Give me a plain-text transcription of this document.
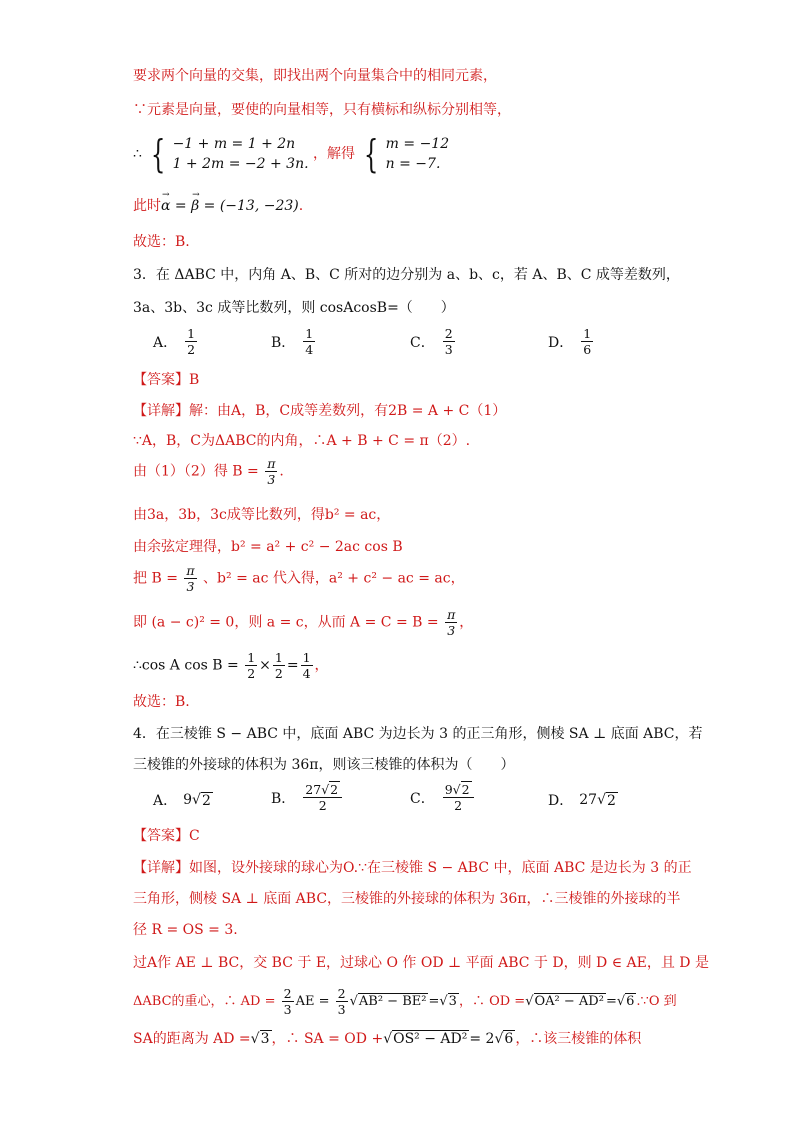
要求两个向量的交集，即找出两个向量集合中的相同元素，
∵元素是向量，要使的向量相等，只有横标和纵标分别相等，
∴ { −1 + m = 1 + 2n
1 + 2m = −2 + 3n.
，解得 { m = −12
n = −7.
此时→ α = → β = (−13, −23).
故选：B.
3．在 ΔABC 中，内角 A、B、C 所对的边分别为 a、b、c，若 A、B、C 成等差数列，
3a、3b、3c 成等比数列，则 cosAcosB=（　　）
A． $\frac{1}{2}$	B． $\frac{1}{4}$	C． $\frac{2}{3}$	D． $\frac{1}{6}$
【答案】B
【详解】解：由A，B，C成等差数列，有2B = A + C（1）
∵A，B，C为ΔABC的内角，∴A + B + C = π（2）.
由（1）（2）得 $B = \frac{\pi}{3}$ .
由3a，3b，3c成等比数列，得b² = ac，
由余弦定理得，b² = a² + c² − 2ac cos B
把 $B = \frac{\pi}{3}$ 、b² = ac 代入得，a² + c² − ac = ac，
即 (a − c)² = 0，则 a = c，从而 $A = C = B = \frac{\pi}{3}$ ，
∴cos A $\cos B = \frac{1}{2} \times \frac{1}{2} = \frac{1}{4}$ ，
故选：B.
4．在三棱锥 S − ABC 中，底面 ABC 为边长为 3 的正三角形，侧棱 SA ⊥ 底面 ABC，若
三棱锥的外接球的体积为 36π，则该三棱锥的体积为（　　）
A． 9 √ 2	B． $\frac{27√2}{2}$	C． $\frac{9√2}{2}$	D． 27 √ 2
【答案】C
【详解】如图，设外接球的球心为O.∵在三棱锥 S − ABC 中，底面 ABC 是边长为 3 的正
三角形，侧棱 SA ⊥ 底面 ABC，三棱锥的外接球的体积为 36π，∴三棱锥的外接球的半
径 R = OS = 3.
过A作 AE ⊥ BC，交 BC 于 E，过球心 O 作 OD ⊥ 平面 ABC 于 D，则 D ∈ AE，且 D 是
ΔABC的重心，∴ AD = $\frac{2}{3}$ AE = $\frac{2}{3} √AB^2 - BE^2 =√3$ ，∴ OD =√OA² − AD² =√6 .∵O 到
SA的距离为 AD =√3 ，∴ SA = OD +√OS² − AD² = 2√6 ，∴该三棱锥的体积
